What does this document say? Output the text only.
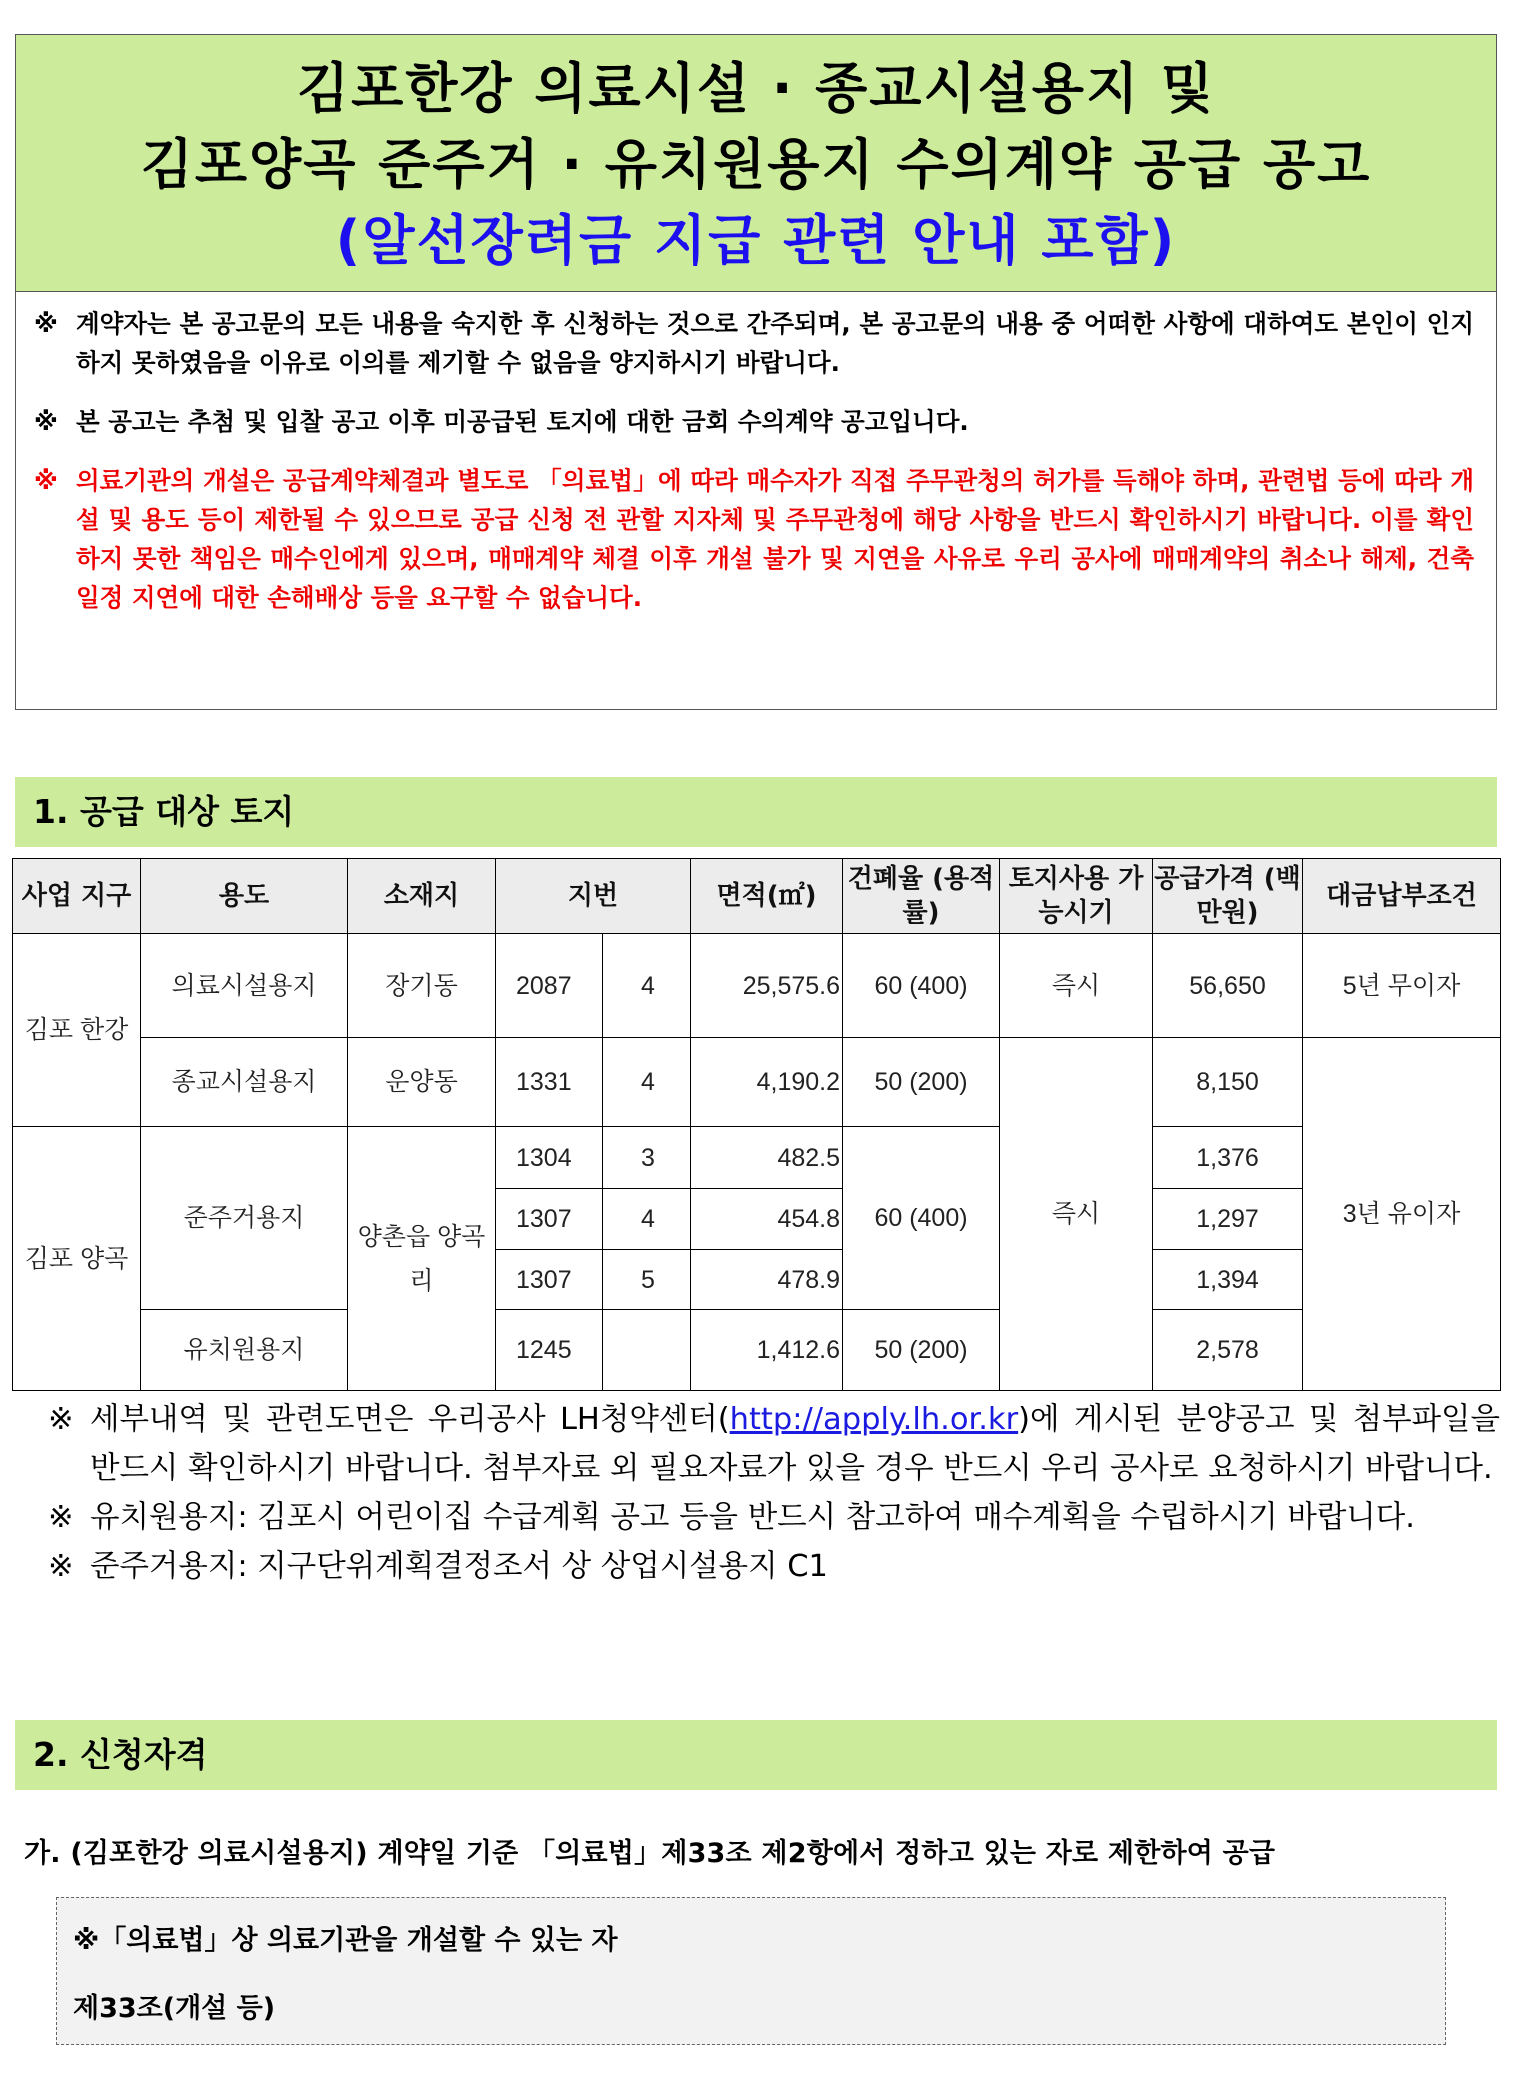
김포한강 의료시설 · 종교시설용지 및
김포양곡 준주거 · 유치원용지 수의계약 공급 공고
(알선장려금 지급 관련 안내 포함)
※ 계약자는 본 공고문의 모든 내용을 숙지한 후 신청하는 것으로 간주되며, 본 공고문의 내용 중 어떠한 사항에 대하여도 본인이 인지하지 못하였음을 이유로 이의를 제기할 수 없음을 양지하시기 바랍니다.
※ 본 공고는 추첨 및 입찰 공고 이후 미공급된 토지에 대한 금회 수의계약 공고입니다.
※ 의료기관의 개설은 공급계약체결과 별도로 「의료법」에 따라 매수자가 직접 주무관청의 허가를 득해야 하며, 관련법 등에 따라 개설 및 용도 등이 제한될 수 있으므로 공급 신청 전 관할 지자체 및 주무관청에 해당 사항을 반드시 확인하시기 바랍니다. 이를 확인하지 못한 책임은 매수인에게 있으며, 매매계약 체결 이후 개설 불가 및 지연을 사유로 우리 공사에 매매계약의 취소나 해제, 건축일정 지연에 대한 손해배상 등을 요구할 수 없습니다.
1. 공급 대상 토지
사업 지구	용도	소재지	지번		면적(㎡)	건폐율 (용적률)	토지사용 가능시기	공급가격 (백만원)	대금납부조건
김포 한강	의료시설용지	장기동	2087	4	25,575.6	60 (400)	즉시	56,650	5년 무이자
	종교시설용지	운양동	1331	4	4,190.2	50 (200)	즉시	8,150	3년 유이자
김포 양곡	준주거용지	양촌읍 양곡리	1304	3	482.5	60 (400)		1,376	
			1307	4	454.8			1,297	
			1307	5	478.9			1,394	
	유치원용지		1245		1,412.6	50 (200)		2,578	
※ 세부내역 및 관련도면은 우리공사 LH청약센터(http://apply.lh.or.kr)에 게시된 분양공고 및 첨부파일을 반드시 확인하시기 바랍니다. 첨부자료 외 필요자료가 있을 경우 반드시 우리 공사로 요청하시기 바랍니다.
※ 유치원용지: 김포시 어린이집 수급계획 공고 등을 반드시 참고하여 매수계획을 수립하시기 바랍니다.
※ 준주거용지: 지구단위계획결정조서 상 상업시설용지 C1
2. 신청자격
가. (김포한강 의료시설용지) 계약일 기준 「의료법」제33조 제2항에서 정하고 있는 자로 제한하여 공급
※「의료법」상 의료기관을 개설할 수 있는 자
제33조(개설 등)
